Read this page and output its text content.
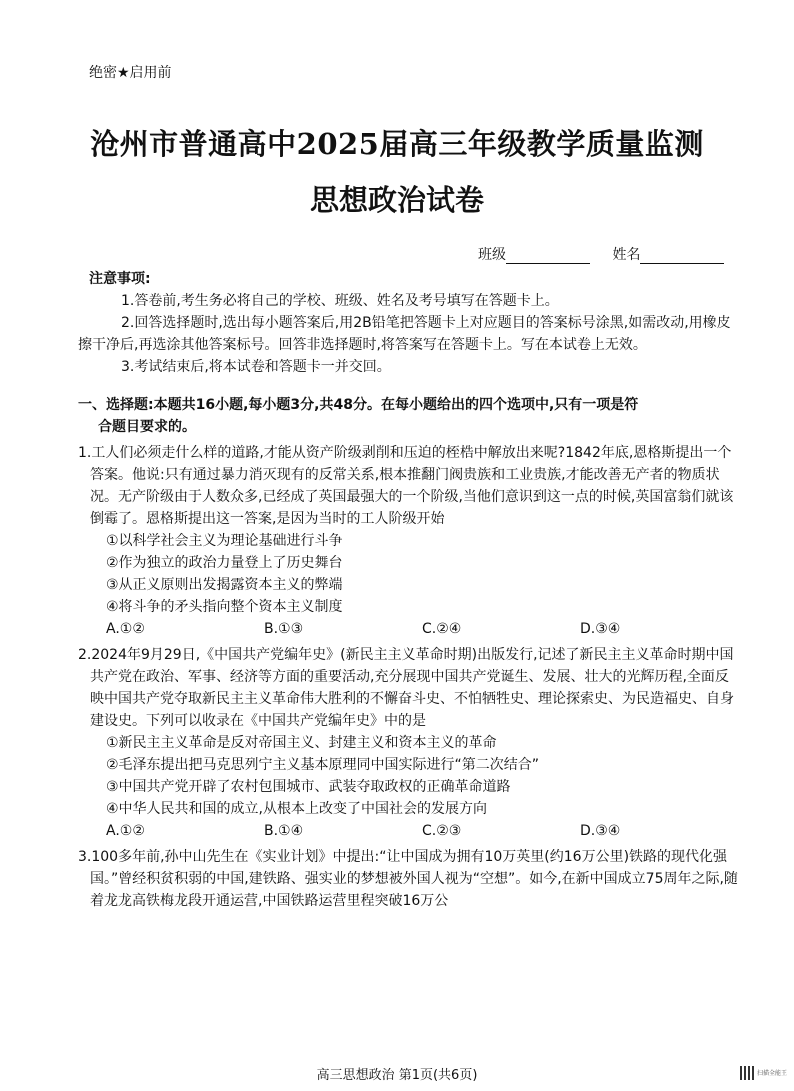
绝密★启用前
沧州市普通高中2025届高三年级教学质量监测
思想政治试卷
班级	姓名

注意事项:

1.答卷前,考生务必将自己的学校、班级、姓名及考号填写在答题卡上。

2.回答选择题时,选出每小题答案后,用2B铅笔把答题卡上对应题目的答案标号涂黑,如需改动,用橡皮擦干净后,再选涂其他答案标号。回答非选择题时,将答案写在答题卡上。写在本试卷上无效。

3.考试结束后,将本试卷和答题卡一并交回。

一、选择题:本题共16小题,每小题3分,共48分。在每小题给出的四个选项中,只有一项是符

合题目要求的。

1.工人们必须走什么样的道路,才能从资产阶级剥削和压迫的桎梏中解放出来呢?1842年底,恩格斯提出一个答案。他说:只有通过暴力消灭现有的反常关系,根本推翻门阀贵族和工业贵族,才能改善无产者的物质状况。无产阶级由于人数众多,已经成了英国最强大的一个阶级,当他们意识到这一点的时候,英国富翁们就该倒霉了。恩格斯提出这一答案,是因为当时的工人阶级开始

①以科学社会主义为理论基础进行斗争

②作为独立的政治力量登上了历史舞台

③从正义原则出发揭露资本主义的弊端

④将斗争的矛头指向整个资本主义制度

A.①②	B.①③	C.②④	D.③④

2.2024年9月29日,《中国共产党编年史》(新民主主义革命时期)出版发行,记述了新民主主义革命时期中国共产党在政治、军事、经济等方面的重要活动,充分展现中国共产党诞生、发展、壮大的光辉历程,全面反映中国共产党夺取新民主主义革命伟大胜利的不懈奋斗史、不怕牺牲史、理论探索史、为民造福史、自身建设史。下列可以收录在《中国共产党编年史》中的是

①新民主主义革命是反对帝国主义、封建主义和资本主义的革命

②毛泽东提出把马克思列宁主义基本原理同中国实际进行“第二次结合”

③中国共产党开辟了农村包围城市、武装夺取政权的正确革命道路

④中华人民共和国的成立,从根本上改变了中国社会的发展方向

A.①②	B.①④	C.②③	D.③④

3.100多年前,孙中山先生在《实业计划》中提出:“让中国成为拥有10万英里(约16万公里)铁路的现代化强国。”曾经积贫积弱的中国,建铁路、强实业的梦想被外国人视为“空想”。如今,在新中国成立75周年之际,随着龙龙高铁梅龙段开通运营,中国铁路运营里程突破16万公

高三思想政治 第1页(共6页)	扫描全能王
